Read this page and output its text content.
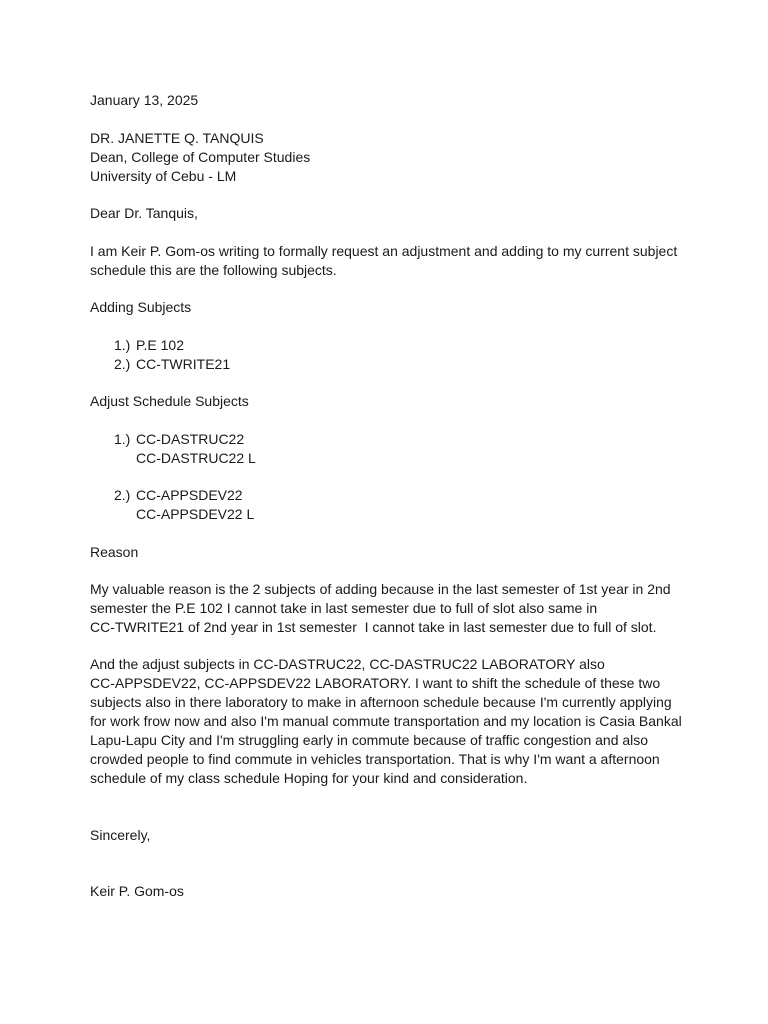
January 13, 2025
DR. JANETTE Q. TANQUIS
Dean, College of Computer Studies
University of Cebu - LM
Dear Dr. Tanquis,
I am Keir P. Gom-os writing to formally request an adjustment and adding to my current subject
schedule this are the following subjects.
Adding Subjects
1.) P.E 102
2.) CC-TWRITE21
Adjust Schedule Subjects
1.) CC-DASTRUC22
CC-DASTRUC22 L
2.) CC-APPSDEV22
CC-APPSDEV22 L
Reason
My valuable reason is the 2 subjects of adding because in the last semester of 1st year in 2nd
semester the P.E 102 I cannot take in last semester due to full of slot also same in
CC-TWRITE21 of 2nd year in 1st semester  I cannot take in last semester due to full of slot.
And the adjust subjects in CC-DASTRUC22, CC-DASTRUC22 LABORATORY also
CC-APPSDEV22, CC-APPSDEV22 LABORATORY. I want to shift the schedule of these two
subjects also in there laboratory to make in afternoon schedule because I'm currently applying
for work frow now and also I'm manual commute transportation and my location is Casia Bankal
Lapu-Lapu City and I'm struggling early in commute because of traffic congestion and also
crowded people to find commute in vehicles transportation. That is why I'm want a afternoon
schedule of my class schedule Hoping for your kind and consideration.
Sincerely,
Keir P. Gom-os
